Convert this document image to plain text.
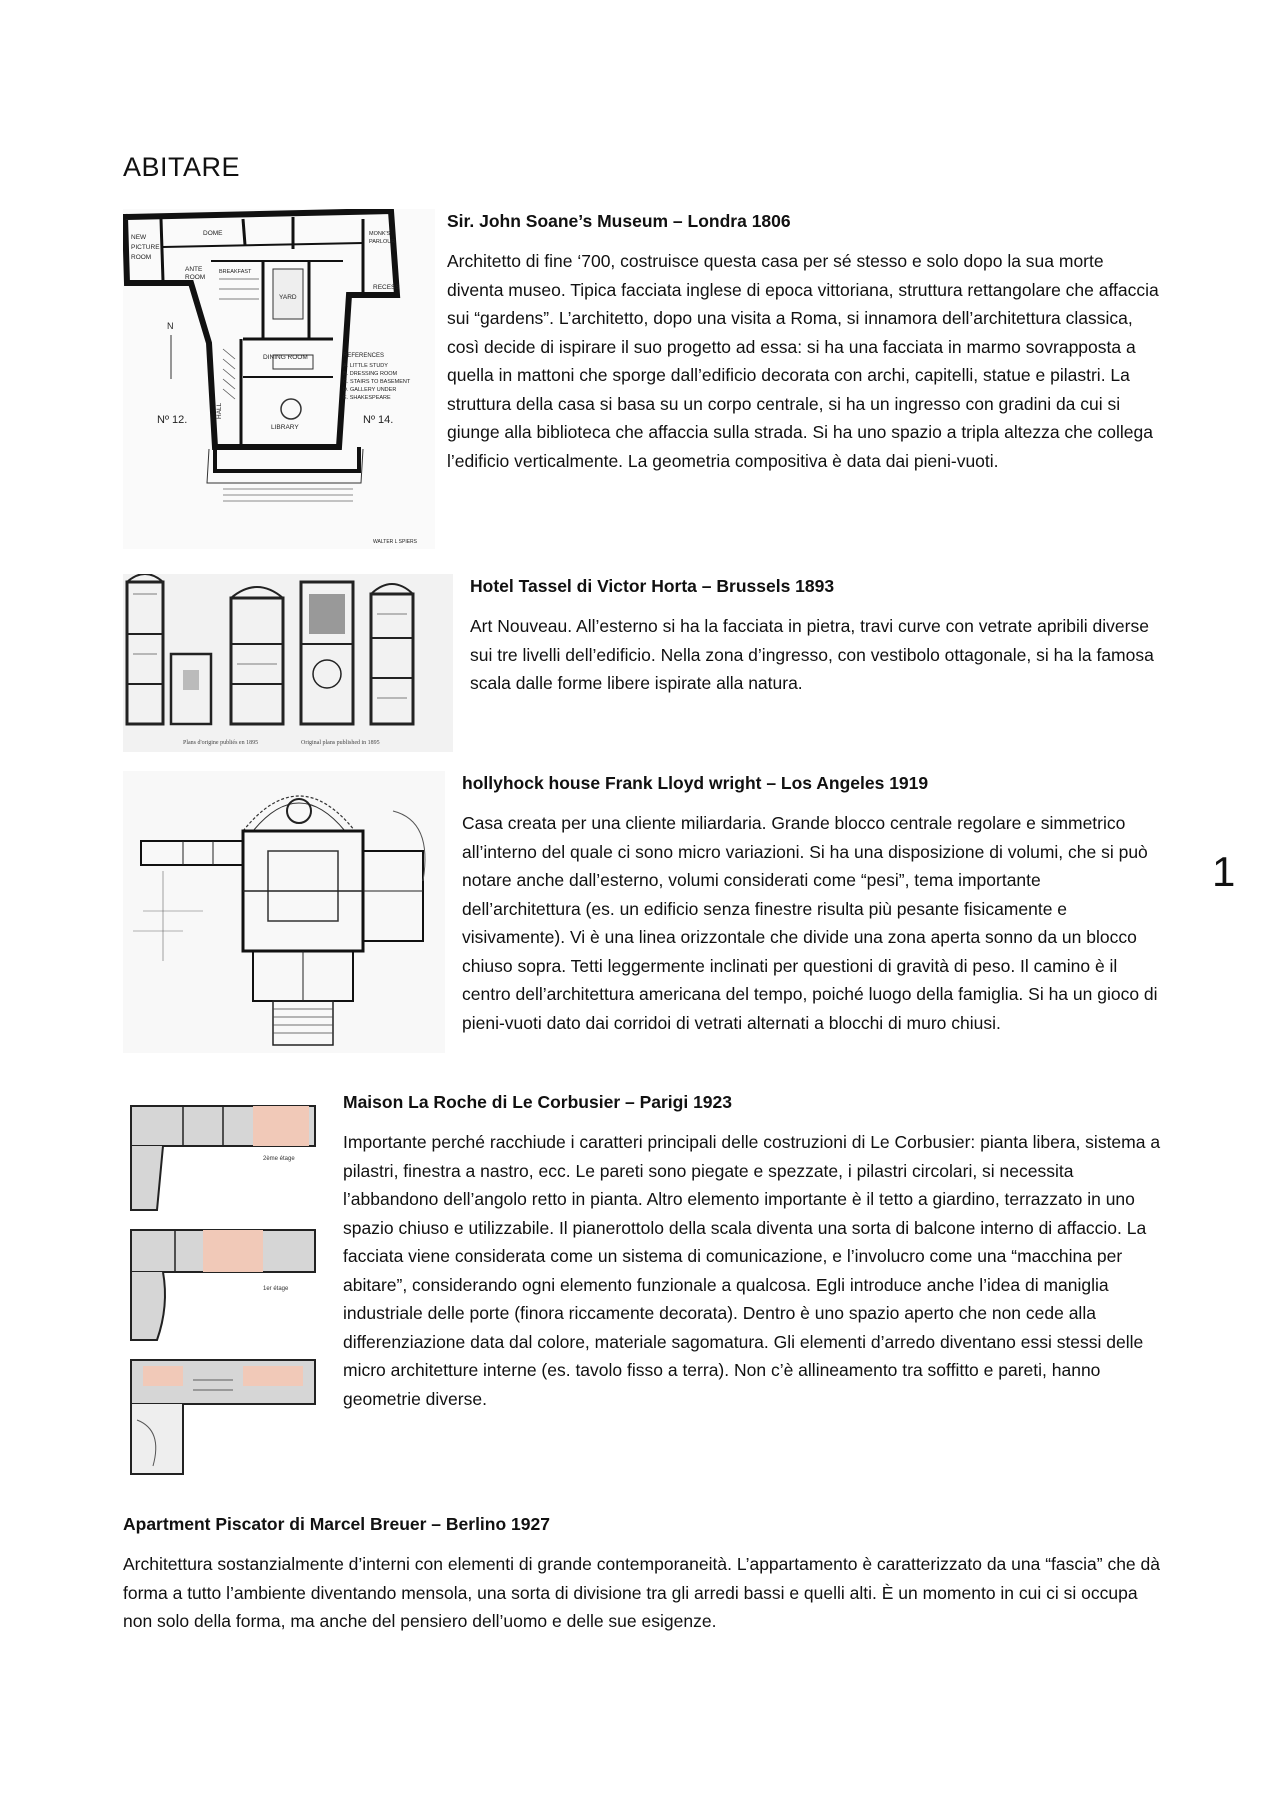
ABITARE
1
NEW
PICTURE
ROOM
DOME	MONK'S
PARLOUR
ANTE
ROOM
BREAKFAST
YARD
DINING ROOM
LIBRARY
HALL
RECESS
REFERENCES
A. LITTLE STUDY
B. DRESSING ROOM
C. STAIRS TO BASEMENT
D. GALLERY UNDER
E. SHAKESPEARE
Nº 12.	Nº 14.
N
WALTER L SPIERS
Sir. John Soane’s Museum – Londra 1806

Architetto di fine ‘700, costruisce questa casa per sé stesso e solo dopo la sua morte diventa museo. Tipica facciata inglese di epoca vittoriana, struttura rettangolare che affaccia sui “gardens”. L’architetto, dopo una visita a Roma, si innamora dell’architettura classica, così decide di ispirare il suo progetto ad essa: si ha una facciata in marmo sovrapposta a quella in mattoni che sporge dall’edificio decorata con archi, capitelli, statue e pilastri. La struttura della casa si basa su un corpo centrale, si ha un ingresso con gradini da cui si giunge alla biblioteca che affaccia sulla strada. Si ha uno spazio a tripla altezza che collega l’edificio verticalmente. La geometria compositiva è data dai pieni-vuoti.

Plans d'origine publiés en 1895	Original plans published in 1895
Hotel Tassel di Victor Horta – Brussels 1893

Art Nouveau. All’esterno si ha la facciata in pietra, travi curve con vetrate apribili diverse sui tre livelli dell’edificio. Nella zona d’ingresso, con vestibolo ottagonale, si ha la famosa scala dalle forme libere ispirate alla natura.

hollyhock house Frank Lloyd wright – Los Angeles 1919

Casa creata per una cliente miliardaria. Grande blocco centrale regolare e simmetrico all’interno del quale ci sono micro variazioni. Si ha una disposizione di volumi, che si può notare anche dall’esterno, volumi considerati come “pesi”, tema importante dell’architettura (es. un edificio senza finestre risulta più pesante fisicamente e visivamente). Vi è una linea orizzontale che divide una zona aperta sonno da un blocco chiuso sopra. Tetti leggermente inclinati per questioni di gravità di peso. Il camino è il centro dell’architettura americana del tempo, poiché luogo della famiglia. Si ha un gioco di pieni-vuoti dato dai corridoi di vetrati alternati a blocchi di muro chiusi.

2ème étage
1er étage
Maison La Roche di Le Corbusier – Parigi 1923

Importante perché racchiude i caratteri principali delle costruzioni di Le Corbusier: pianta libera, sistema a pilastri, finestra a nastro, ecc. Le pareti sono piegate e spezzate, i pilastri circolari, si necessita l’abbandono dell’angolo retto in pianta. Altro elemento importante è il tetto a giardino, terrazzato in uno spazio chiuso e utilizzabile. Il pianerottolo della scala diventa una sorta di balcone interno di affaccio. La facciata viene considerata come un sistema di comunicazione, e l’involucro come una “macchina per abitare”, considerando ogni elemento funzionale a qualcosa. Egli introduce anche l’idea di maniglia industriale delle porte (finora riccamente decorata). Dentro è uno spazio aperto che non cede alla differenziazione data dal colore, materiale sagomatura. Gli elementi d’arredo diventano essi stessi delle micro architetture interne (es. tavolo fisso a terra). Non c’è allineamento tra soffitto e pareti, hanno geometrie diverse.

Apartment Piscator di Marcel Breuer – Berlino 1927

Architettura sostanzialmente d’interni con elementi di grande contemporaneità. L’appartamento è caratterizzato da una “fascia” che dà forma a tutto l’ambiente diventando mensola, una sorta di divisione tra gli arredi bassi e quelli alti. È un momento in cui ci si occupa non solo della forma, ma anche del pensiero dell’uomo e delle sue esigenze.
